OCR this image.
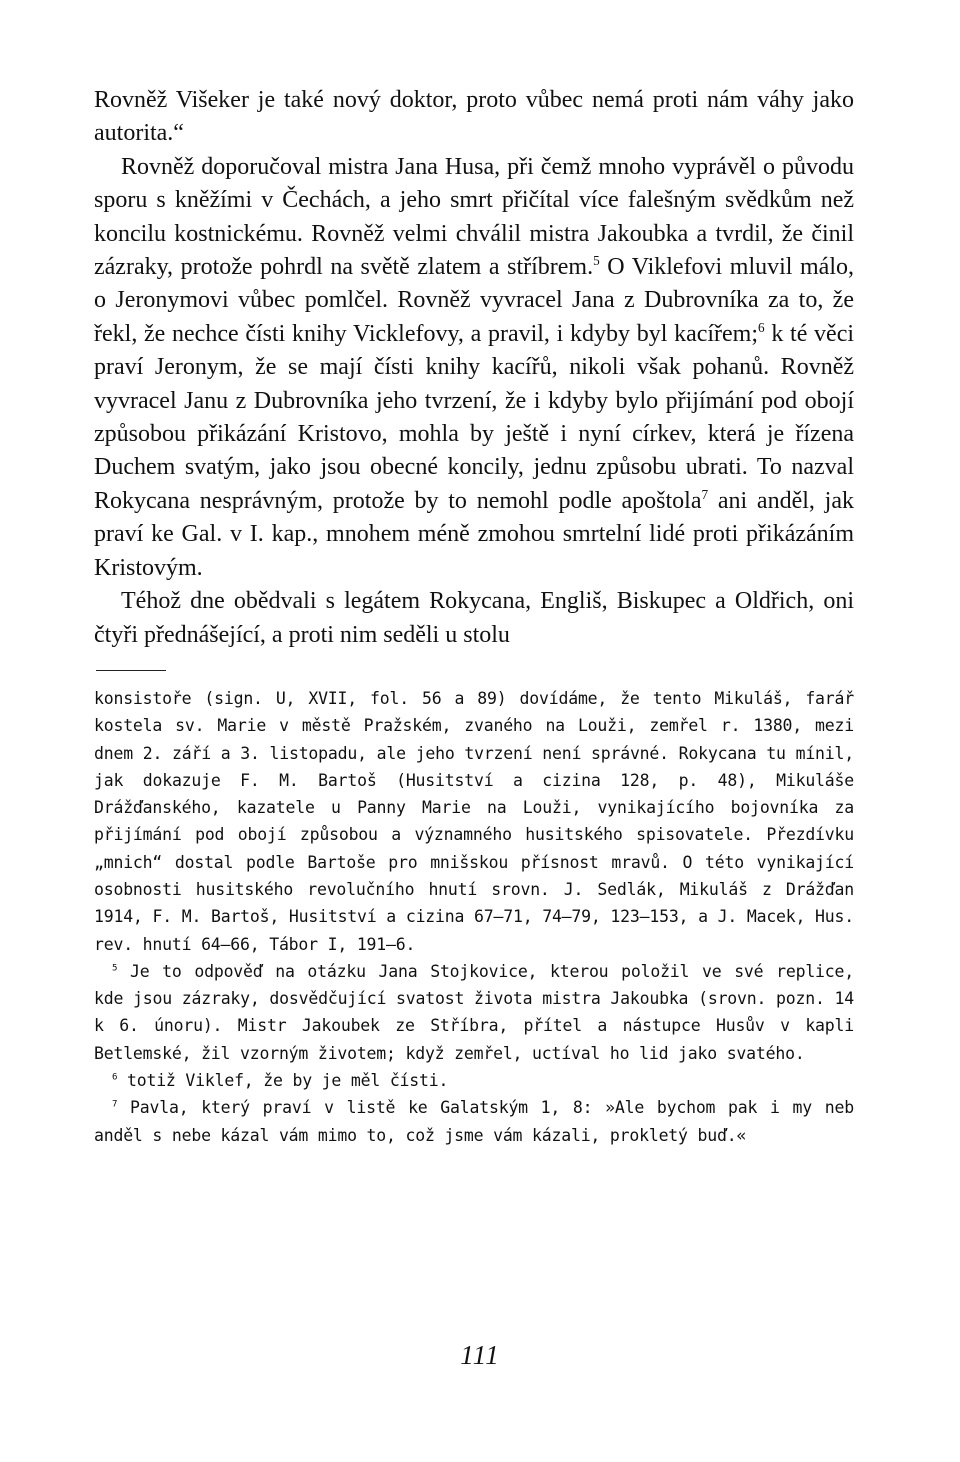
Rovněž Višeker je také nový doktor, proto vůbec nemá proti nám váhy jako autorita.“

Rovněž doporučoval mistra Jana Husa, při čemž mnoho vyprávěl o původu sporu s kněžími v Čechách, a jeho smrt přičítal více falešným svědkům než koncilu kostnickému. Rovněž velmi chválil mistra Jakoubka a tvrdil, že činil zázraky, protože pohrdl na světě zlatem a stříbrem.$^5$ O Viklefovi mluvil málo, o Jeronymovi vůbec pomlčel. Rovněž vyvracel Jana z Dubrovníka za to, že řekl, že nechce čísti knihy Vicklefovy, a pravil, i kdyby byl kacířem;$^6$ k té věci praví Jeronym, že se mají čísti knihy kacířů, nikoli však pohanů. Rovněž vyvracel Janu z Dubrovníka jeho tvrzení, že i kdyby bylo přijímání pod obojí způsobou přikázání Kristovo, mohla by ještě i nyní církev, která je řízena Duchem svatým, jako jsou obecné koncily, jednu způsobu ubrati. To nazval Rokycana nesprávným, protože by to nemohl podle apoštola$^7$ ani anděl, jak praví ke Gal. v I. kap., mnohem méně zmohou smrtelní lidé proti přikázáním Kristovým.

Téhož dne obědvali s legátem Rokycana, Engliš, Biskupec a Oldřich, oni čtyři přednášející, a proti nim seděli u stolu

konsistoře (sign. U, XVII, fol. 56 a 89) dovídáme, že tento Mikuláš, farář kostela sv. Marie v městě Pražském, zvaného na Louži, zemřel r. 1380, mezi dnem 2. září a 3. listopadu, ale jeho tvrzení není správné. Rokycana tu mínil, jak dokazuje F. M. Bartoš (Husitství a cizina 128, p. 48), Mikuláše Drážďanského, kazatele u Panny Marie na Louži, vynikajícího bojovníka za přijímání pod obojí způsobou a významného husitského spisovatele. Přezdívku „mnich“ dostal podle Bartoše pro mnišskou přísnost mravů. O této vynikající osobnosti husitského revolučního hnutí srovn. J. Sedlák, Mikuláš z Drážďan 1914, F. M. Bartoš, Husitství a cizina 67—71, 74—79, 123—153, a J. Macek, Hus. rev. hnutí 64—66, Tábor I, 191—6.

$^5$ Je to odpověď na otázku Jana Stojkovice, kterou položil ve své replice, kde jsou zázraky, dosvědčující svatost života mistra Jakoubka (srovn. pozn. 14 k 6. únoru). Mistr Jakoubek ze Stříbra, přítel a nástupce Husův v kapli Betlemské, žil vzorným životem; když zemřel, uctíval ho lid jako svatého.

$^6$ totiž Viklef, že by je měl čísti.

$^7$ Pavla, který praví v listě ke Galatským 1, 8: »Ale bychom pak i my neb anděl s nebe kázal vám mimo to, což jsme vám kázali, prokletý buď.«

111
